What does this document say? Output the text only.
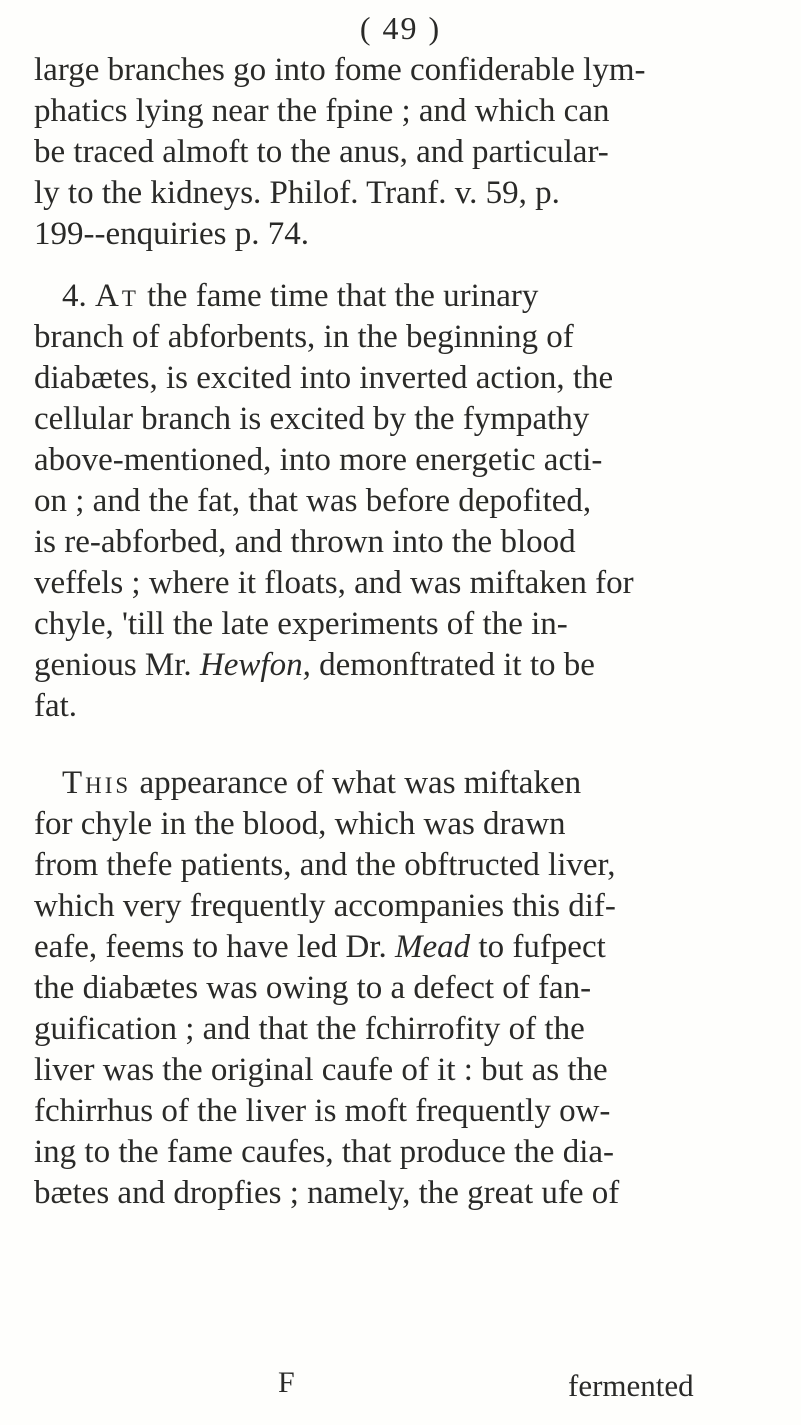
( 49 )
large branches go into fome confiderable lym-
phatics lying near the fpine ; and which can
be traced almoft to the anus, and particular-
ly to the kidneys. Philof. Tranf. v. 59, p.
199--enquiries p. 74.
4. At the fame time that the urinary
branch of abforbents, in the beginning of
diabætes, is excited into inverted action, the
cellular branch is excited by the fympathy
above-mentioned, into more energetic acti-
on ; and the fat, that was before depofited,
is re-abforbed, and thrown into the blood
veffels ; where it floats, and was miftaken for
chyle, 'till the late experiments of the in-
genious Mr. Hewfon, demonftrated it to be
fat.
This appearance of what was miftaken
for chyle in the blood, which was drawn
from thefe patients, and the obftructed liver,
which very frequently accompanies this dif-
eafe, feems to have led Dr. Mead to fufpect
the diabætes was owing to a defect of fan-
guification ; and that the fchirrofity of the
liver was the original caufe of it : but as the
fchirrhus of the liver is moft frequently ow-
ing to the fame caufes, that produce the dia-
bætes and dropfies ; namely, the great ufe of
F	fermented
